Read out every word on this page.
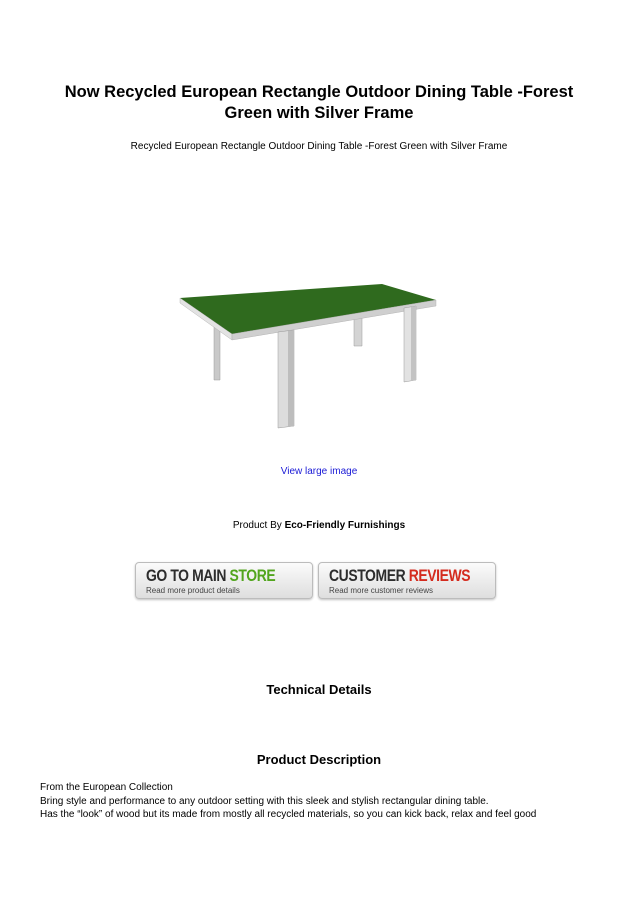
Now Recycled European Rectangle Outdoor Dining Table -Forest Green with Silver Frame
Recycled European Rectangle Outdoor Dining Table -Forest Green with Silver Frame
View large image
Product By Eco-Friendly Furnishings
GO TO MAIN STORE
Read more product details
CUSTOMER REVIEWS
Read more customer reviews
Technical Details
Product Description
From the European Collection
Bring style and performance to any outdoor setting with this sleek and stylish rectangular dining table.
Has the “look” of wood but its made from mostly all recycled materials, so you can kick back, relax and feel good
